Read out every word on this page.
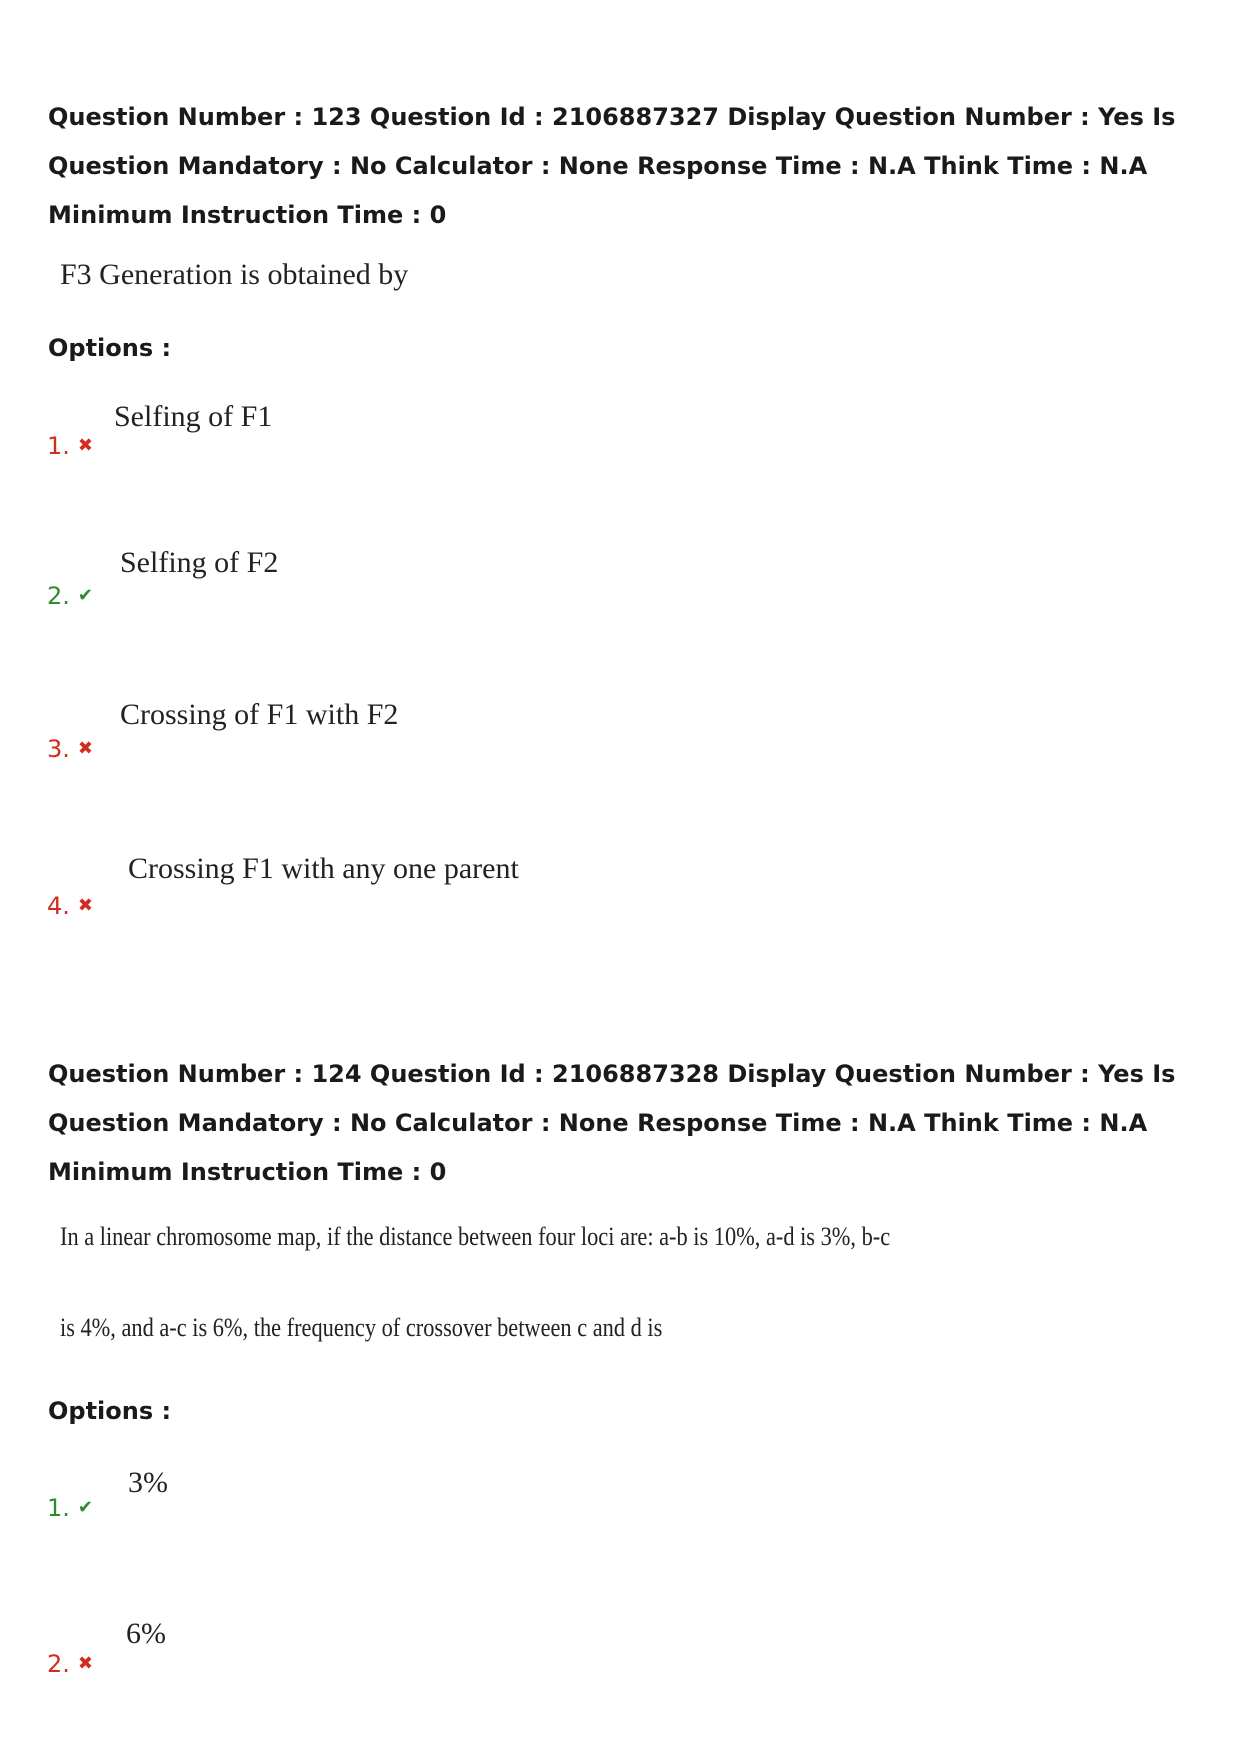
Question Number : 123 Question Id : 2106887327 Display Question Number : Yes Is Question Mandatory : No Calculator : None Response Time : N.A Think Time : N.A Minimum Instruction Time : 0
F3 Generation is obtained by
Options :
1. ✖
Selfing of F1
2. ✔
Selfing of F2
3. ✖
Crossing of F1 with F2
4. ✖
Crossing F1 with any one parent
Question Number : 124 Question Id : 2106887328 Display Question Number : Yes Is Question Mandatory : No Calculator : None Response Time : N.A Think Time : N.A Minimum Instruction Time : 0
In a linear chromosome map, if the distance between four loci are: a-b is 10%, a-d is 3%, b-c
is 4%, and a-c is 6%, the frequency of crossover between c and d is
Options :
1. ✔
3%
2. ✖
6%
